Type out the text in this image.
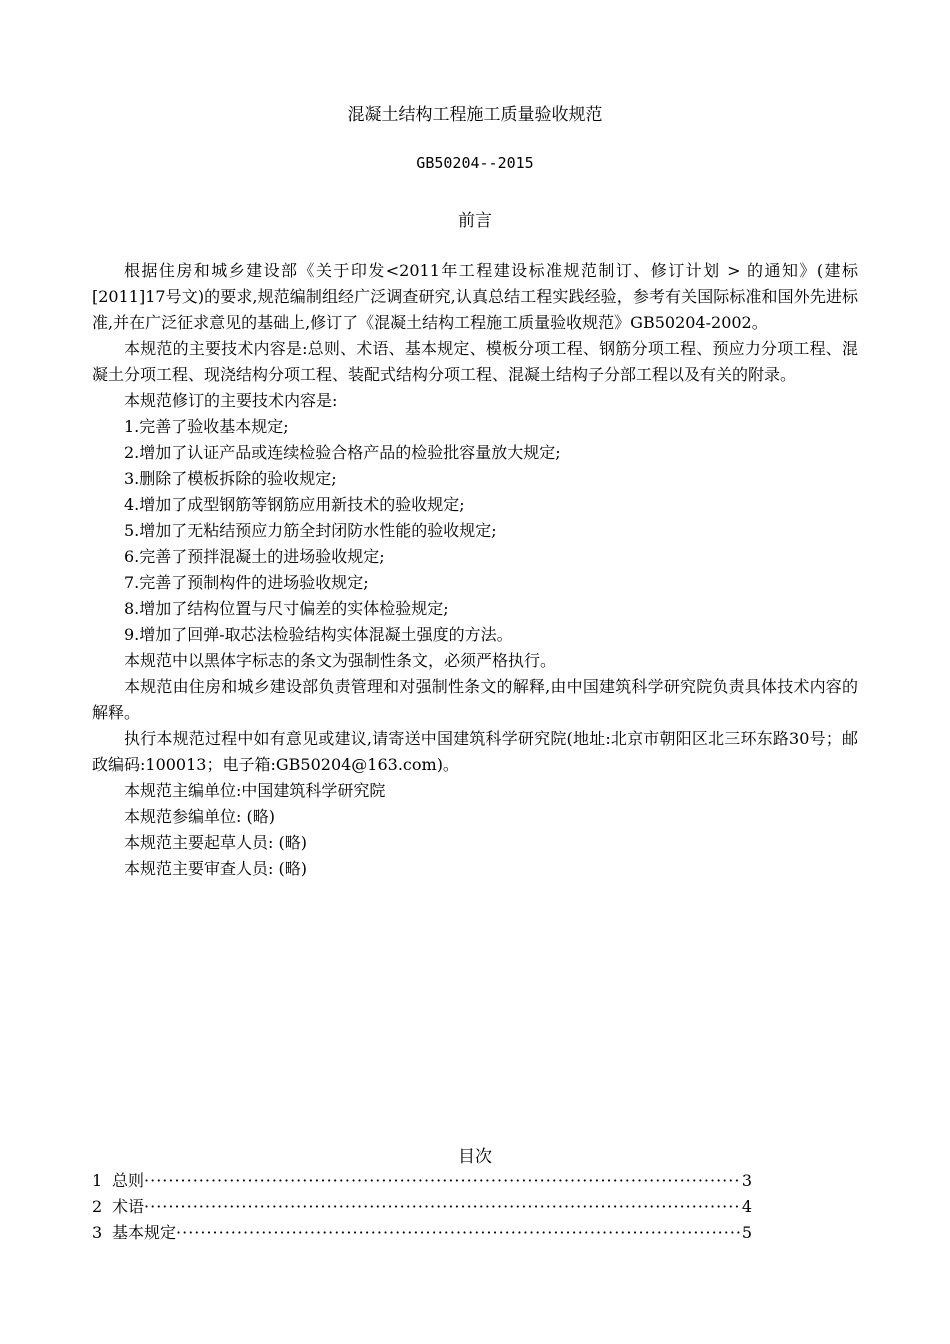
混凝土结构工程施工质量验收规范
GB50204--2015
前言

根据住房和城乡建设部《关于印发<2011年工程建设标准规范制订、修订计划 > 的通知》(建标[2011]17号文)的要求,规范编制组经广泛调查研究,认真总结工程实践经验，参考有关国际标准和国外先进标准,并在广泛征求意见的基础上,修订了《混凝土结构工程施工质量验收规范》GB50204-2002。

本规范的主要技术内容是:总则、术语、基本规定、模板分项工程、钢筋分项工程、预应力分项工程、混凝土分项工程、现浇结构分项工程、装配式结构分项工程、混凝土结构子分部工程以及有关的附录。

本规范修订的主要技术内容是:

1.完善了验收基本规定;

2.增加了认证产品或连续检验合格产品的检验批容量放大规定;

3.删除了模板拆除的验收规定;

4.增加了成型钢筋等钢筋应用新技术的验收规定;

5.增加了无粘结预应力筋全封闭防水性能的验收规定;

6.完善了预拌混凝土的进场验收规定;

7.完善了预制构件的进场验收规定;

8.增加了结构位置与尺寸偏差的实体检验规定;

9.增加了回弹-取芯法检验结构实体混凝土强度的方法。

本规范中以黑体字标志的条文为强制性条文，必须严格执行。

本规范由住房和城乡建设部负责管理和对强制性条文的解释,由中国建筑科学研究院负责具体技术内容的解释。

执行本规范过程中如有意见或建议,请寄送中国建筑科学研究院(地址:北京市朝阳区北三环东路30号；邮政编码:100013；电子箱:GB50204@163.com)。

本规范主编单位:中国建筑科学研究院

本规范参编单位: (略)

本规范主要起草人员: (略)

本规范主要审查人员: (略)

目次
1 总则 ·····	3
2 术语 ·····	4
3 基本规定 ·····	5
